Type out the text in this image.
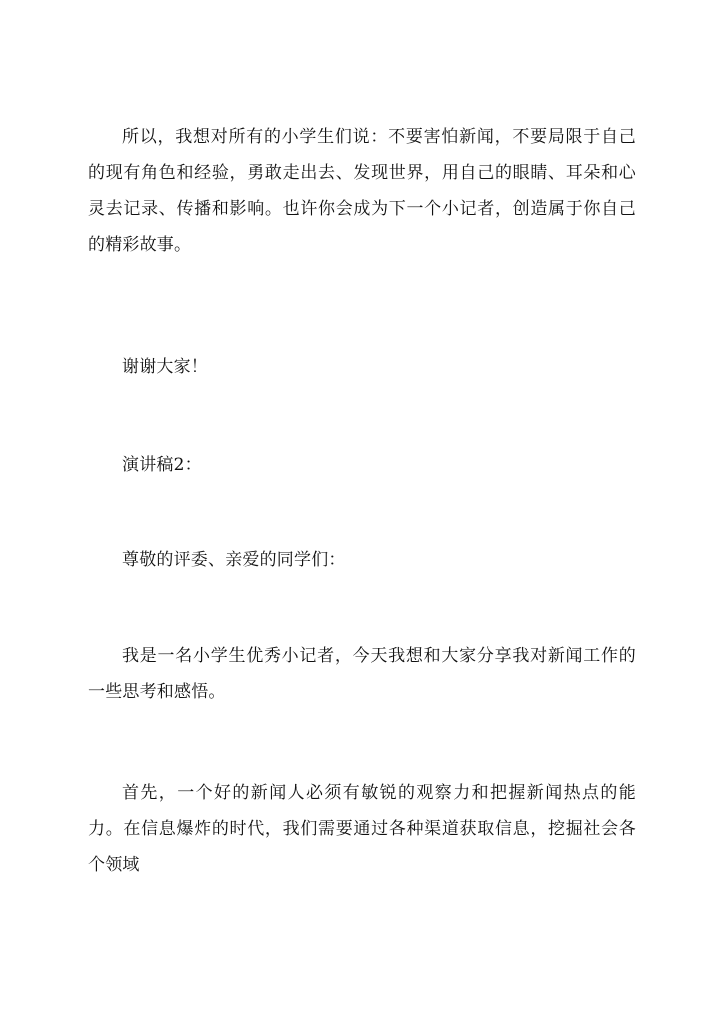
所以，我想对所有的小学生们说：不要害怕新闻，不要局限于自己的现有角色和经验，勇敢走出去、发现世界，用自己的眼睛、耳朵和心灵去记录、传播和影响。也许你会成为下一个小记者，创造属于你自己的精彩故事。

谢谢大家！

演讲稿2：

尊敬的评委、亲爱的同学们：

我是一名小学生优秀小记者，今天我想和大家分享我对新闻工作的一些思考和感悟。

首先，一个好的新闻人必须有敏锐的观察力和把握新闻热点的能力。在信息爆炸的时代，我们需要通过各种渠道获取信息，挖掘社会各个领域
